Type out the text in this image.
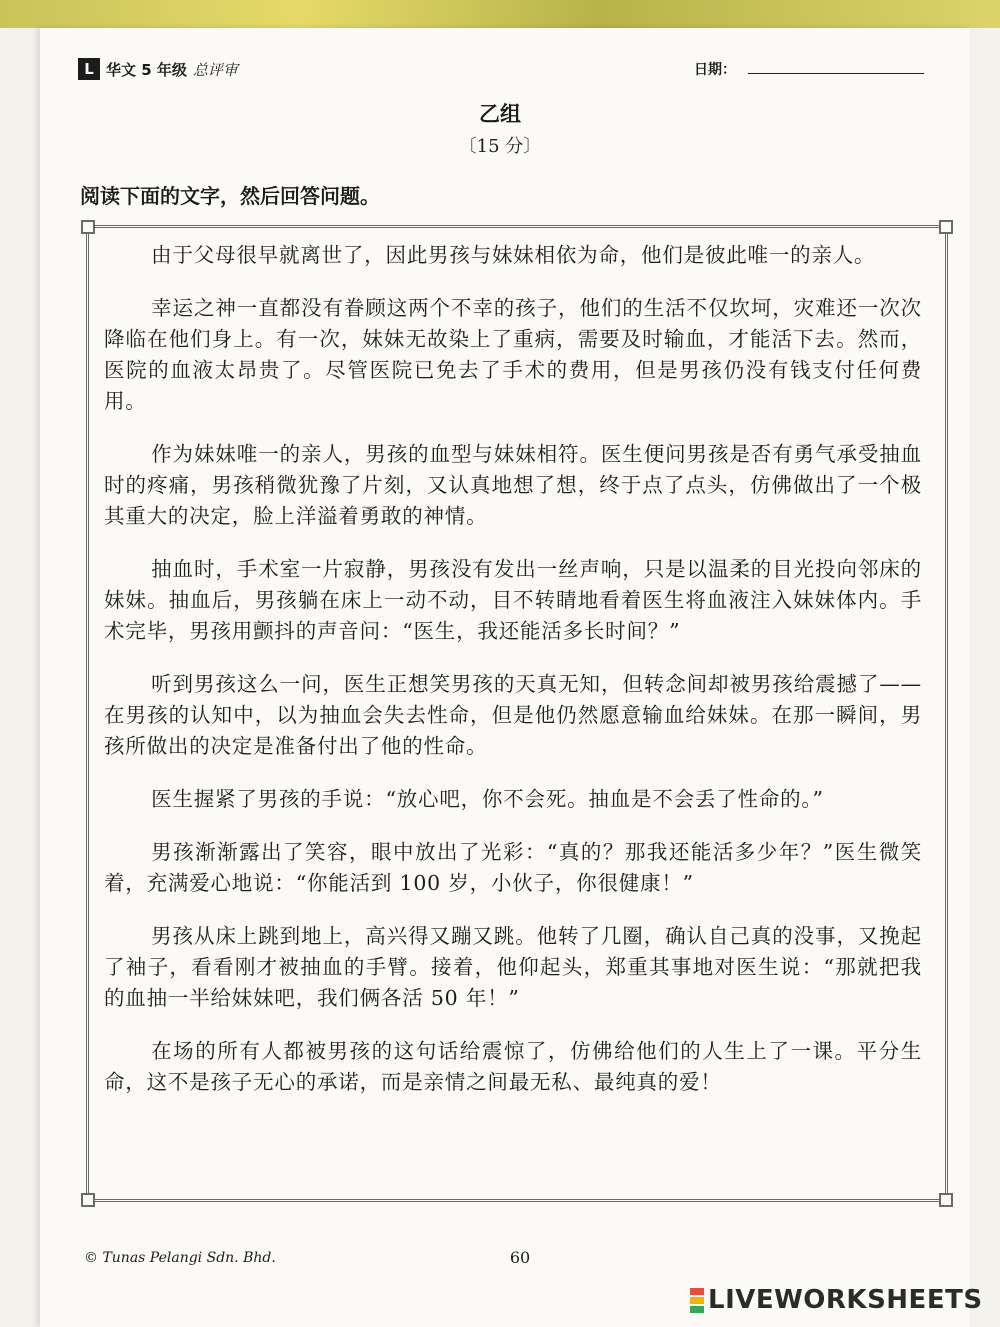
L 华文 5 年级 总评审	日期：
乙组
〔15 分〕
阅读下面的文字，然后回答问题。

由于父母很早就离世了，因此男孩与妹妹相依为命，他们是彼此唯一的亲人。

幸运之神一直都没有眷顾这两个不幸的孩子，他们的生活不仅坎坷，灾难还一次次降临在他们身上。有一次，妹妹无故染上了重病，需要及时输血，才能活下去。然而，医院的血液太昂贵了。尽管医院已免去了手术的费用，但是男孩仍没有钱支付任何费用。

作为妹妹唯一的亲人，男孩的血型与妹妹相符。医生便问男孩是否有勇气承受抽血时的疼痛，男孩稍微犹豫了片刻，又认真地想了想，终于点了点头，仿佛做出了一个极其重大的决定，脸上洋溢着勇敢的神情。

抽血时，手术室一片寂静，男孩没有发出一丝声响，只是以温柔的目光投向邻床的妹妹。抽血后，男孩躺在床上一动不动，目不转睛地看着医生将血液注入妹妹体内。手术完毕，男孩用颤抖的声音问：“医生，我还能活多长时间？”

听到男孩这么一问，医生正想笑男孩的天真无知，但转念间却被男孩给震撼了——在男孩的认知中，以为抽血会失去性命，但是他仍然愿意输血给妹妹。在那一瞬间，男孩所做出的决定是准备付出了他的性命。

医生握紧了男孩的手说：“放心吧，你不会死。抽血是不会丢了性命的。”

男孩渐渐露出了笑容，眼中放出了光彩：“真的？那我还能活多少年？”医生微笑着，充满爱心地说：“你能活到 100 岁，小伙子，你很健康！”

男孩从床上跳到地上，高兴得又蹦又跳。他转了几圈，确认自己真的没事，又挽起了袖子，看看刚才被抽血的手臂。接着，他仰起头，郑重其事地对医生说：“那就把我的血抽一半给妹妹吧，我们俩各活 50 年！”

在场的所有人都被男孩的这句话给震惊了，仿佛给他们的人生上了一课。平分生命，这不是孩子无心的承诺，而是亲情之间最无私、最纯真的爱！

© Tunas Pelangi Sdn. Bhd.	60
LIVEWORKSHEETS
